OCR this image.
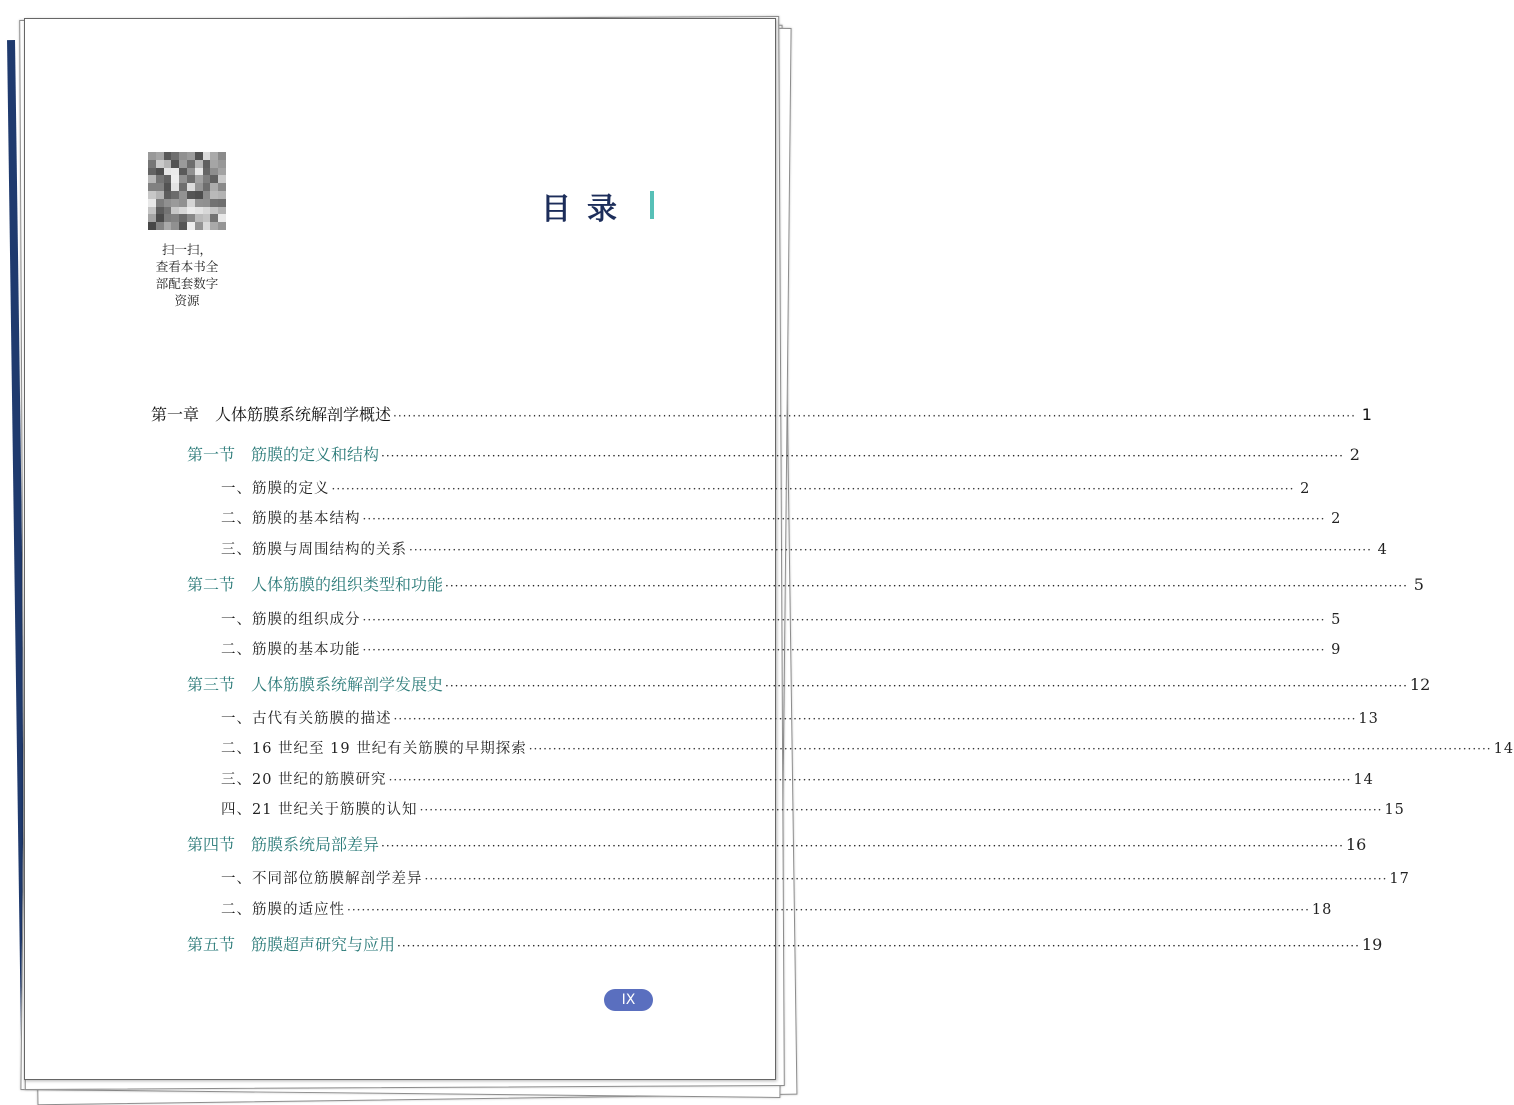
扫一扫，
查看本书全
部配套数字
资源
目录
第一章　人体筋膜系统解剖学概述 ········································································································································································································ 1
第一节　筋膜的定义和结构 ········································································································································································································ 2
一、筋膜的定义 ········································································································································································································ 2
二、筋膜的基本结构 ········································································································································································································ 2
三、筋膜与周围结构的关系 ········································································································································································································ 4
第二节　人体筋膜的组织类型和功能 ········································································································································································································ 5
一、筋膜的组织成分 ········································································································································································································ 5
二、筋膜的基本功能 ········································································································································································································ 9
第三节　人体筋膜系统解剖学发展史 ········································································································································································································ 12
一、古代有关筋膜的描述 ········································································································································································································ 13
二、16 世纪至 19 世纪有关筋膜的早期探索 ········································································································································································································ 14
三、20 世纪的筋膜研究 ········································································································································································································ 14
四、21 世纪关于筋膜的认知 ········································································································································································································ 15
第四节　筋膜系统局部差异 ········································································································································································································ 16
一、不同部位筋膜解剖学差异 ········································································································································································································ 17
二、筋膜的适应性 ········································································································································································································ 18
第五节　筋膜超声研究与应用 ········································································································································································································ 19
IX
